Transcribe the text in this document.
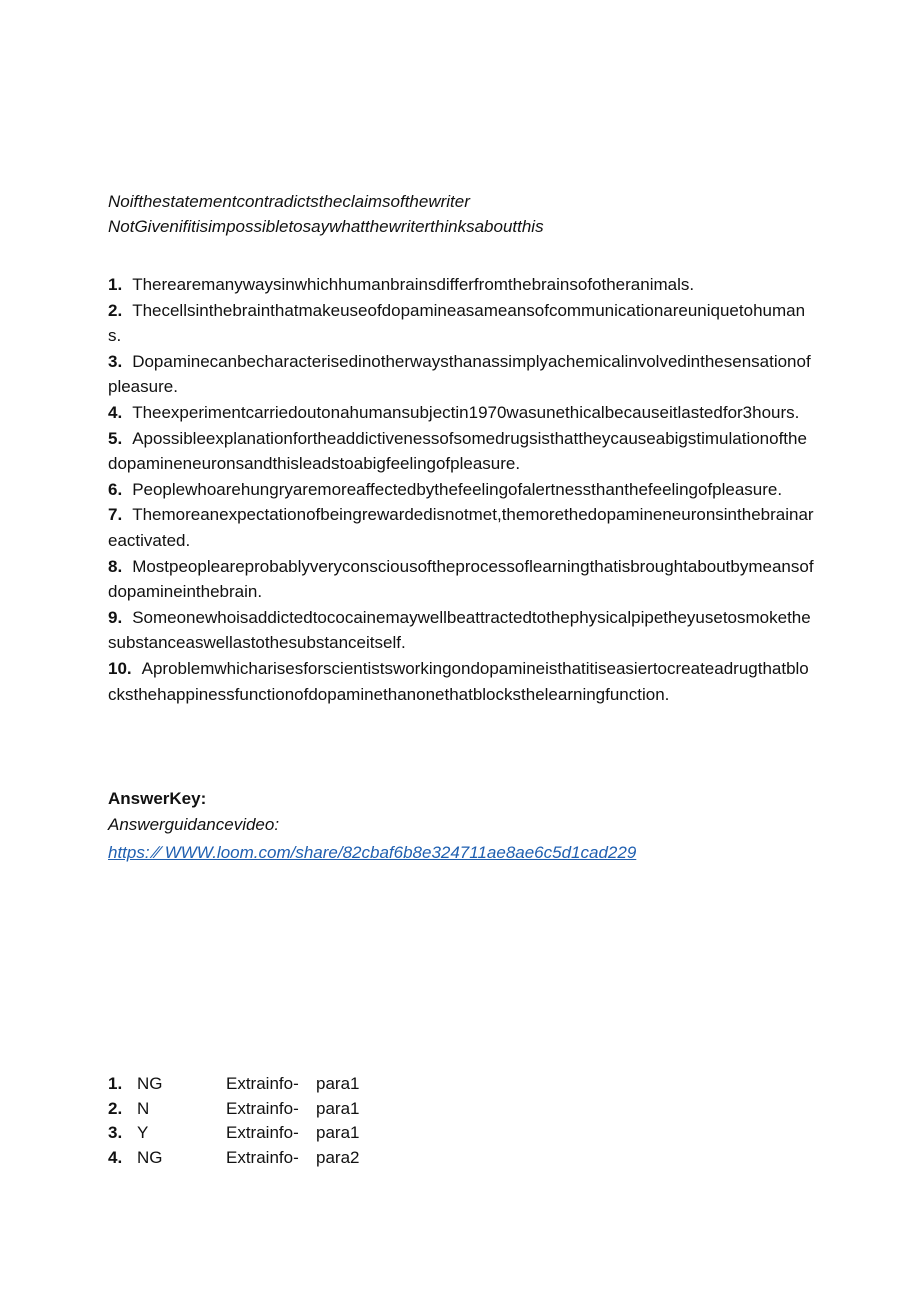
Noifthestatementcontradictstheclaimsofthewriter
NotGivenifitisimpossibletosaywhatthewriterthinksaboutthis
1. Therearemanywaysinwhichhumanbrainsdifferfromthebrainsofotheranimals.
2. Thecellsinthebrainthatmakeuseofdopamineasameansofcommunicationareuniquetohumans.
3. Dopaminecanbecharacterisedinotherwaysthanassimplyachemicalinvolvedinthesensationofpleasure.
4. Theexperimentcarriedoutonahumansubjectin1970wasunethicalbecauseitlastedfor3hours.
5. Apossibleexplanationfortheaddictivenessofsomedrugsisthattheycauseabigstimulationofthedopamineneuronsandthisleadstoabigfeelingofpleasure.
6. Peoplewhoarehungryaremoreaffectedbythefeelingofalertnessthanthefeelingofpleasure.
7. Themoreanexpectationofbeingrewardedisnotmet,themorethedopamineneuronsinthebrainareactivated.
8. Mostpeopleareprobablyveryconsciousoftheprocessoflearningthatisbroughtaboutbymeansofdopamineinthebrain.
9. Someonewhoisaddictedtococainemaywellbeattractedtothephysicalpipetheyusetosmokethesubstanceaswellastothesubstanceitself.
10. Aproblemwhicharisesforscientistsworkingondopamineisthatitiseasiertocreateadrugthatblocksthehappinessfunctionofdopaminethanonethatblocksthelearningfunction.
AnswerKey:
Answerguidancevideo:
https: ∕∕ WWW.loom.com/share/82cbaf6b8e324711ae8ae6c5d1cad229
1. NG	Extrainfo- para1
2. N	Extrainfo- para1
3. Y	Extrainfo- para1
4. NG	Extrainfo- para2
